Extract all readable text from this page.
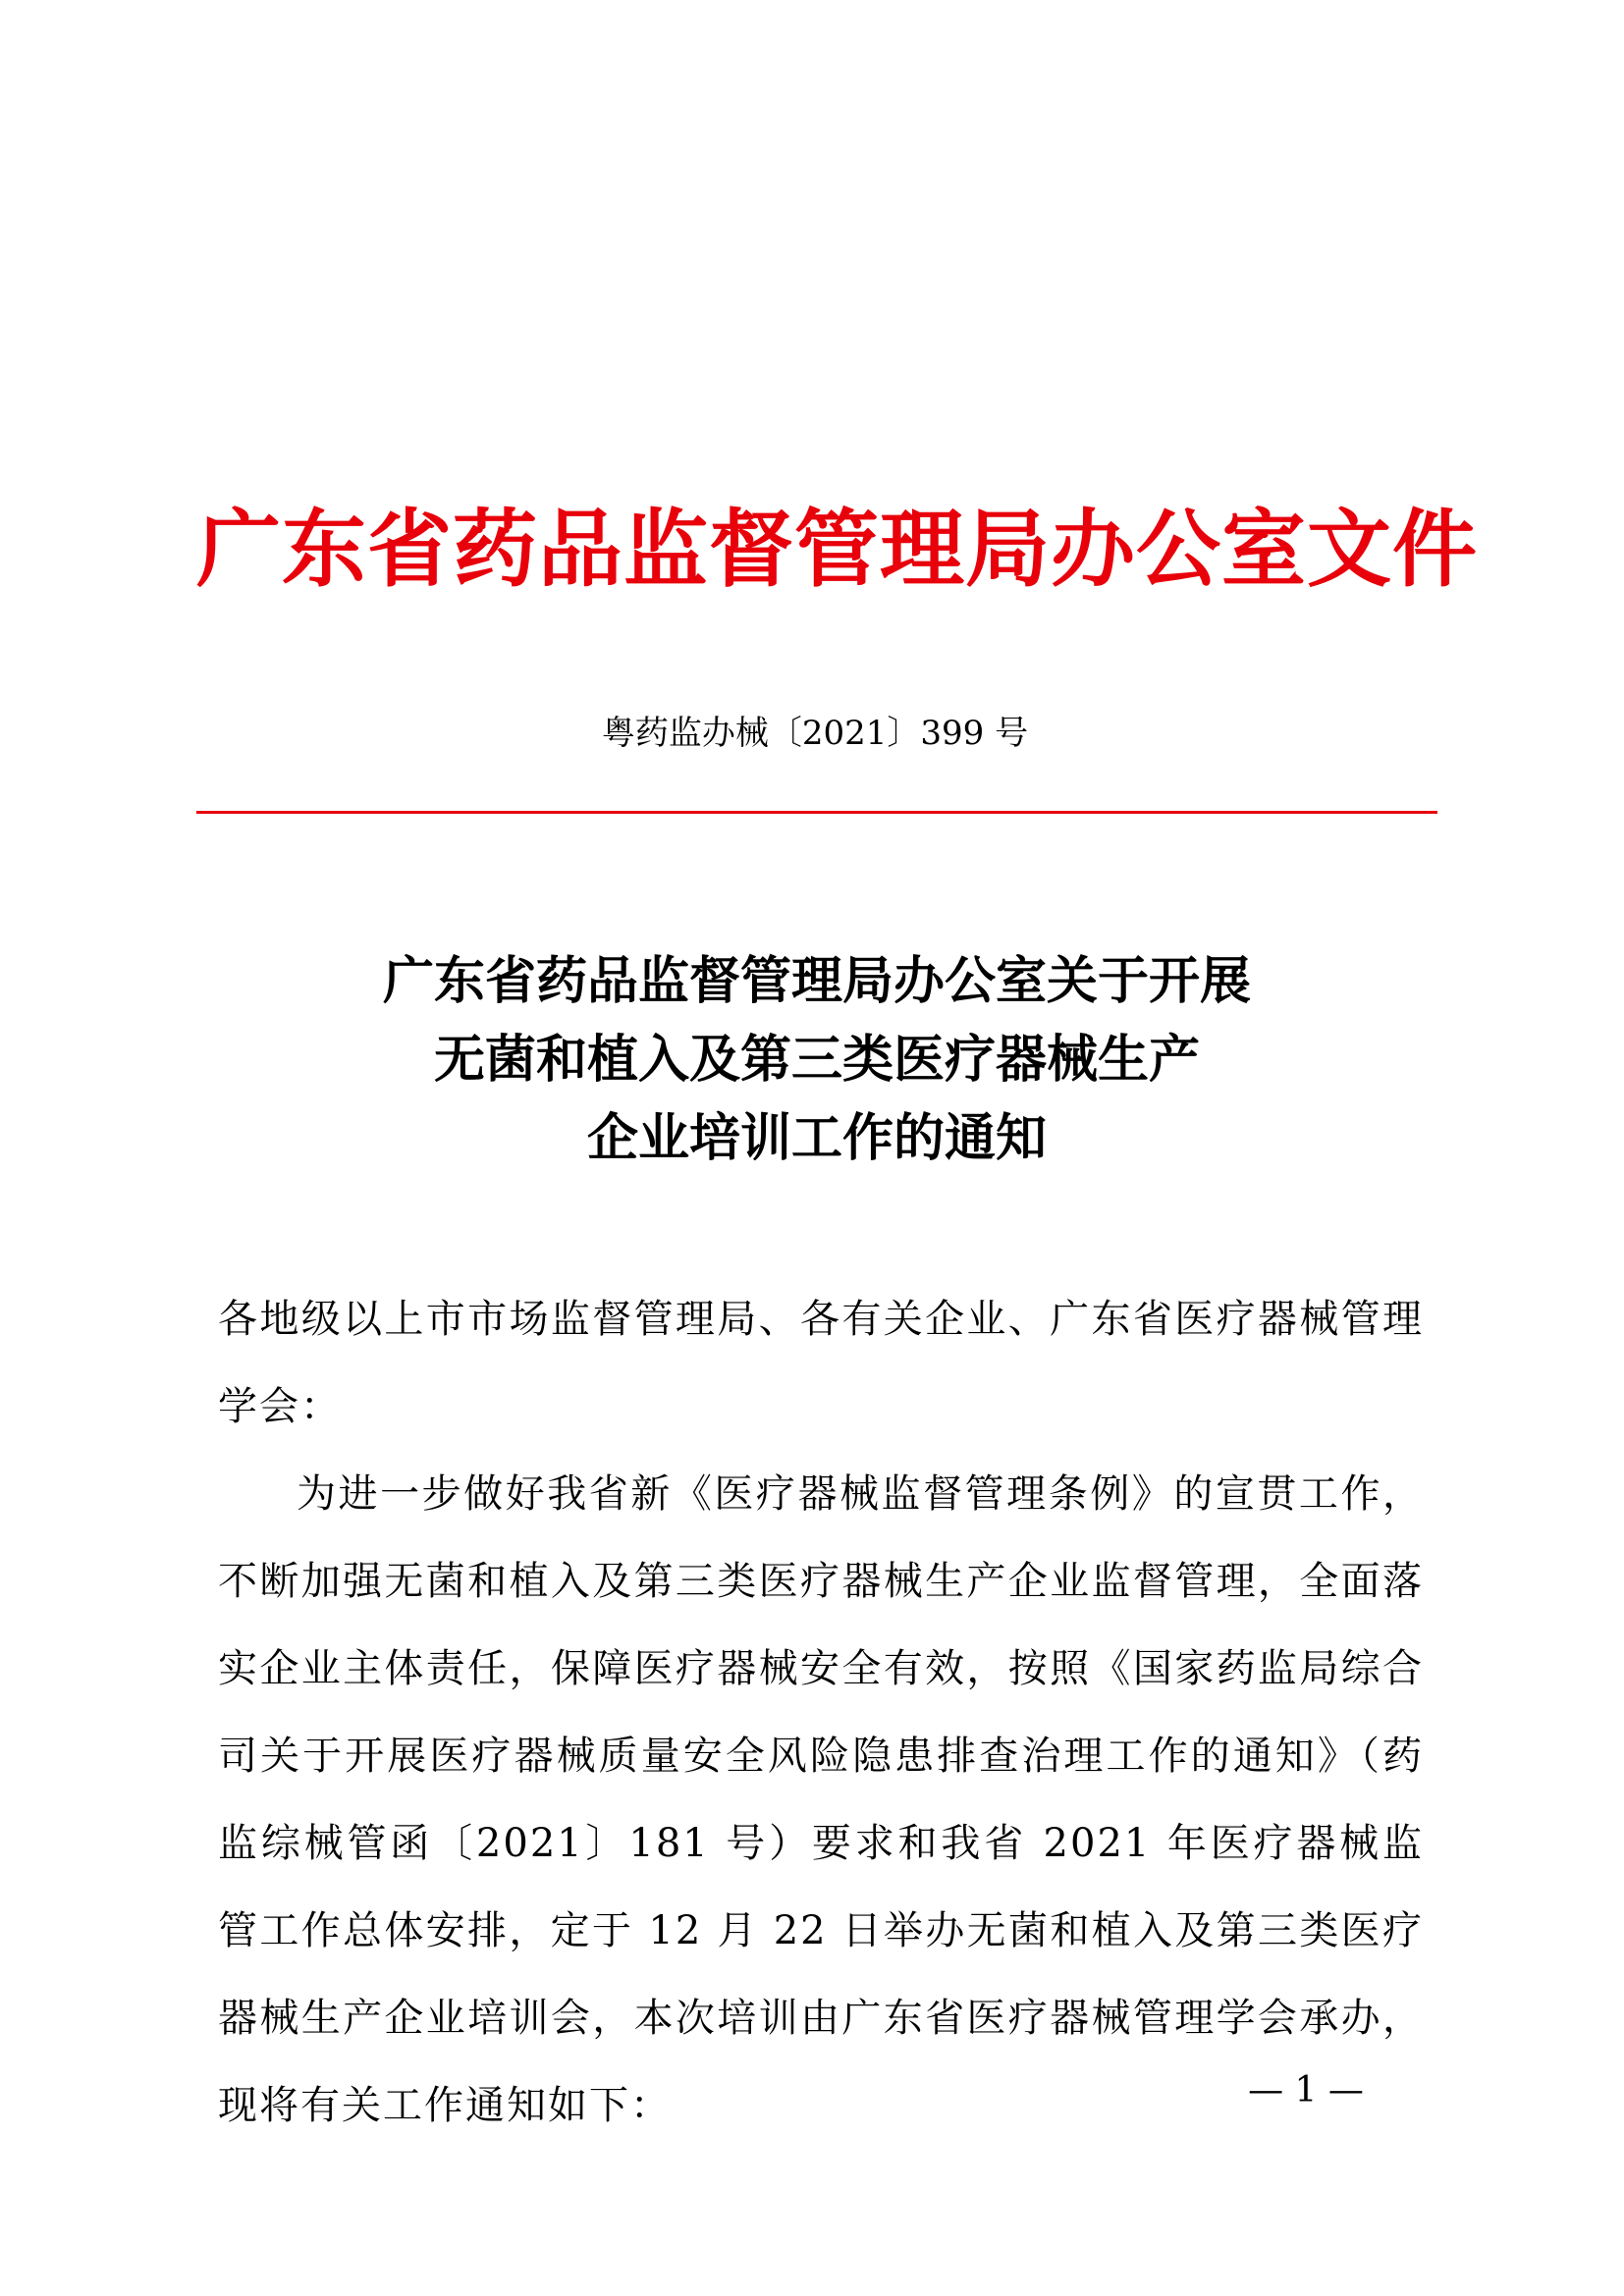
广东省药品监督管理局办公室文件
粤药监办械〔2021〕399 号
广东省药品监督管理局办公室关于开展
无菌和植入及第三类医疗器械生产
企业培训工作的通知

各地级以上市市场监督管理局、各有关企业、广东省医疗器械管理学会：

为进一步做好我省新《医疗器械监督管理条例》的宣贯工作，不断加强无菌和植入及第三类医疗器械生产企业监督管理，全面落实企业主体责任，保障医疗器械安全有效，按照《国家药监局综合司关于开展医疗器械质量安全风险隐患排查治理工作的通知》（药监综械管函〔2021〕181 号）要求和我省 2021 年医疗器械监管工作总体安排，定于 12 月 22 日举办无菌和植入及第三类医疗器械生产企业培训会，本次培训由广东省医疗器械管理学会承办，现将有关工作通知如下：	— 1 —
